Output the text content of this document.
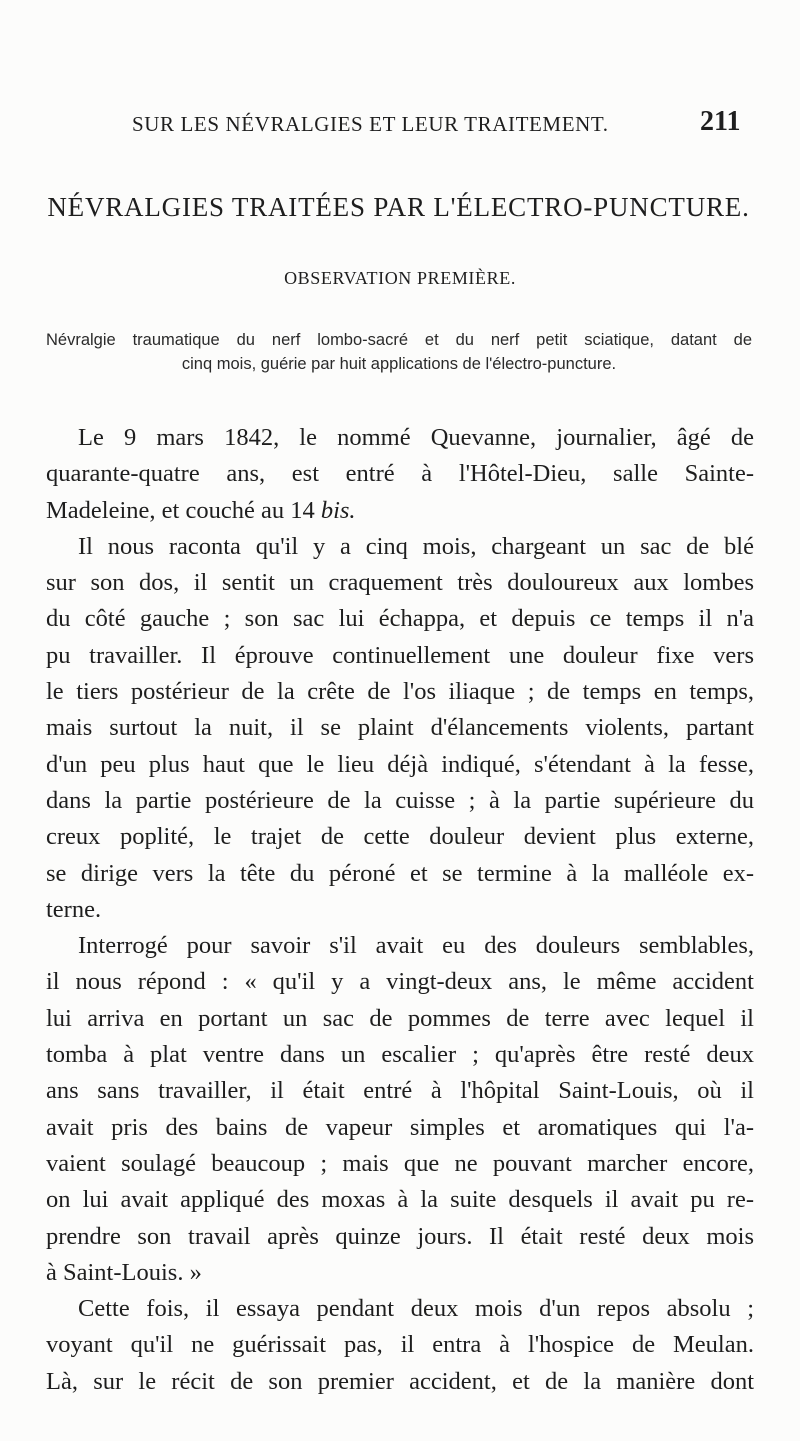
SUR LES NÉVRALGIES ET LEUR TRAITEMENT.	211
NÉVRALGIES TRAITÉES PAR L'ÉLECTRO-PUNCTURE.
OBSERVATION PREMIÈRE.
Névralgie traumatique du nerf lombo-sacré et du nerf petit sciatique, datant de
cinq mois, guérie par huit applications de l'électro-puncture.
Le 9 mars 1842, le nommé Quevanne, journalier, âgé de
quarante-quatre ans, est entré à l'Hôtel-Dieu, salle Sainte-
Madeleine, et couché au 14 bis.
Il nous raconta qu'il y a cinq mois, chargeant un sac de blé
sur son dos, il sentit un craquement très douloureux aux lombes
du côté gauche ; son sac lui échappa, et depuis ce temps il n'a
pu travailler. Il éprouve continuellement une douleur fixe vers
le tiers postérieur de la crête de l'os iliaque ; de temps en temps,
mais surtout la nuit, il se plaint d'élancements violents, partant
d'un peu plus haut que le lieu déjà indiqué, s'étendant à la fesse,
dans la partie postérieure de la cuisse ; à la partie supérieure du
creux poplité, le trajet de cette douleur devient plus externe,
se dirige vers la tête du péroné et se termine à la malléole ex-
terne.
Interrogé pour savoir s'il avait eu des douleurs semblables,
il nous répond : « qu'il y a vingt-deux ans, le même accident
lui arriva en portant un sac de pommes de terre avec lequel il
tomba à plat ventre dans un escalier ; qu'après être resté deux
ans sans travailler, il était entré à l'hôpital Saint-Louis, où il
avait pris des bains de vapeur simples et aromatiques qui l'a-
vaient soulagé beaucoup ; mais que ne pouvant marcher encore,
on lui avait appliqué des moxas à la suite desquels il avait pu re-
prendre son travail après quinze jours. Il était resté deux mois
à Saint-Louis. »
Cette fois, il essaya pendant deux mois d'un repos absolu ;
voyant qu'il ne guérissait pas, il entra à l'hospice de Meulan.
Là, sur le récit de son premier accident, et de la manière dont
